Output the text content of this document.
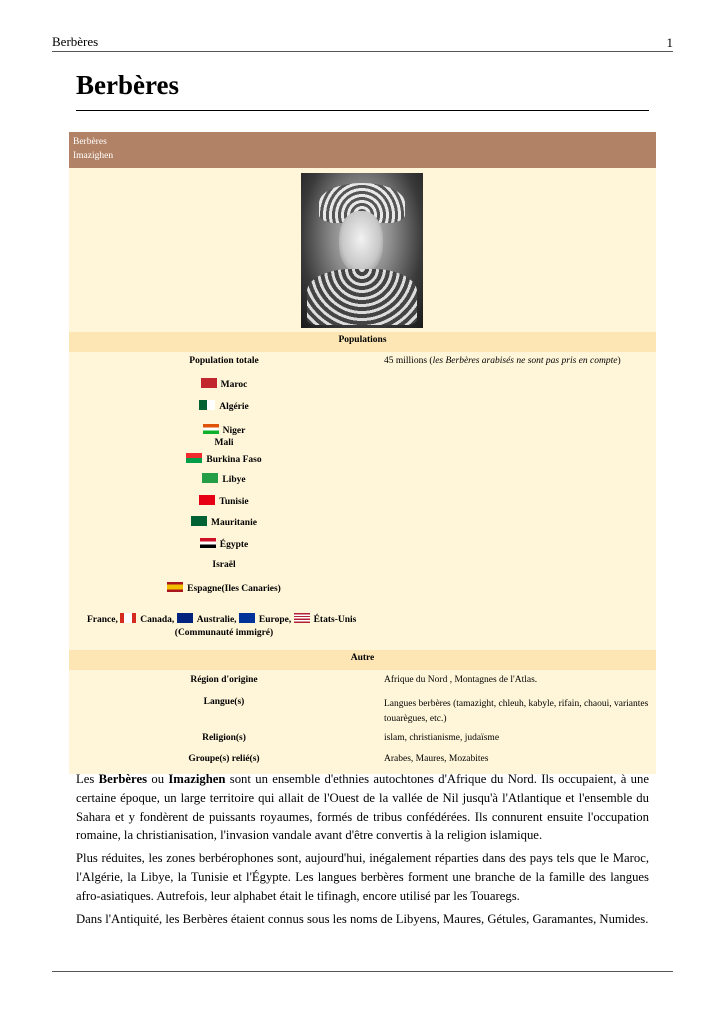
Berbères	1
Berbères
Berbères
Imazighen
Populations
Population totale	45 millions (les Berbères arabisés ne sont pas pris en compte)
Maroc
Algérie
Niger
Mali
Burkina Faso
Libye
Tunisie
Mauritanie
Égypte
Israël
Espagne(Iles Canaries)
France, Canada, Australie, Europe, États-Unis
(Communauté immigré)
Autre
Région d'origine	Afrique du Nord , Montagnes de l'Atlas.
Langue(s)	Langues berbères (tamazight, chleuh, kabyle, rifain, chaoui, variantes touarègues, etc.)
Religion(s)	islam, christianisme, judaïsme
Groupe(s) relié(s)	Arabes, Maures, Mozabites

Les Berbères ou Imazighen sont un ensemble d'ethnies autochtones d'Afrique du Nord. Ils occupaient, à une certaine époque, un large territoire qui allait de l'Ouest de la vallée de Nil jusqu'à l'Atlantique et l'ensemble du Sahara et y fondèrent de puissants royaumes, formés de tribus confédérées. Ils connurent ensuite l'occupation romaine, la christianisation, l'invasion vandale avant d'être convertis à la religion islamique.

Plus réduites, les zones berbérophones sont, aujourd'hui, inégalement réparties dans des pays tels que le Maroc, l'Algérie, la Libye, la Tunisie et l'Égypte. Les langues berbères forment une branche de la famille des langues afro-asiatiques. Autrefois, leur alphabet était le tifinagh, encore utilisé par les Touaregs.

Dans l'Antiquité, les Berbères étaient connus sous les noms de Libyens, Maures, Gétules, Garamantes, Numides.
